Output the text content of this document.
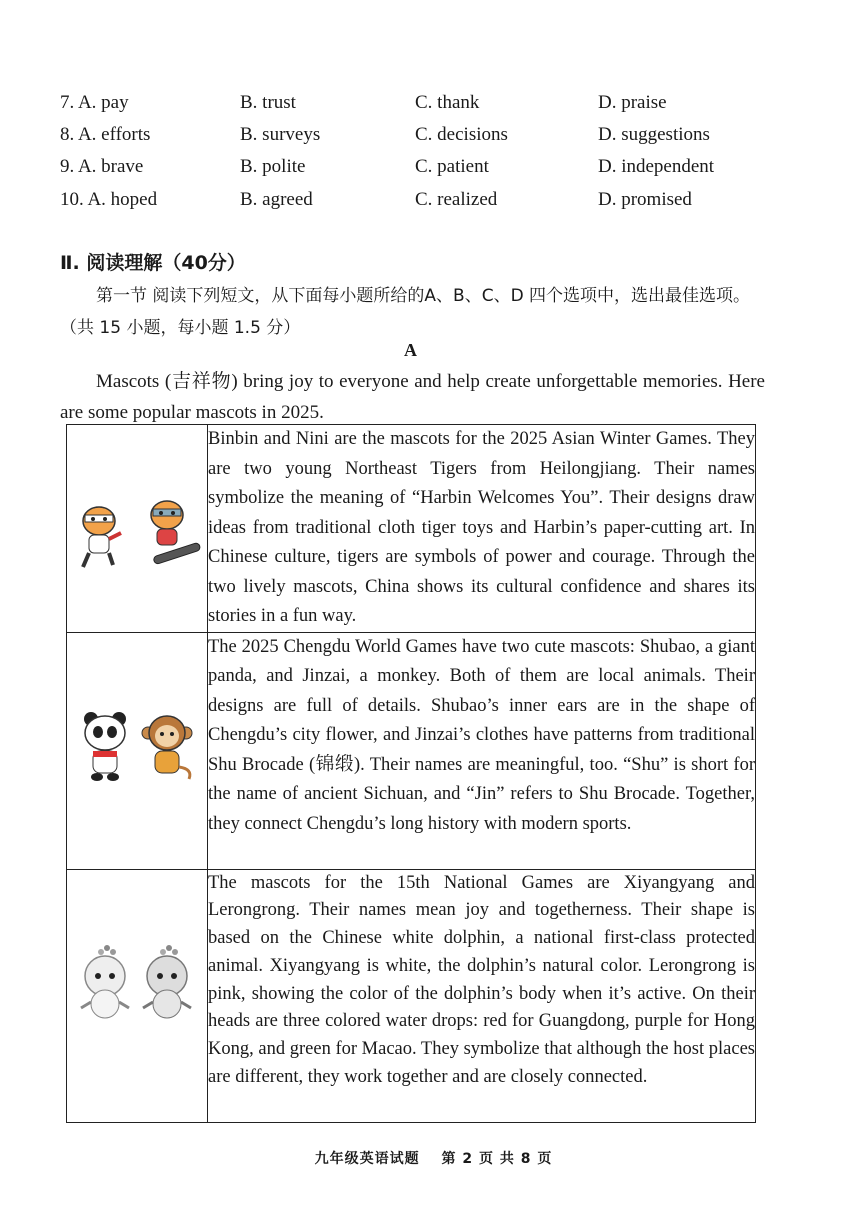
7. A. pay	B. trust	C. thank	D. praise
8. A. efforts	B. surveys	C. decisions	D. suggestions
9. A. brave	B. polite	C. patient	D. independent
10. A. hoped	B. agreed	C. realized	D. promised
Ⅱ. 阅读理解（40分）
第一节 阅读下列短文，从下面每小题所给的A、B、C、D 四个选项中，选出最佳选项。（共 15 小题，每小题 1.5 分）
A
Mascots (吉祥物) bring joy to everyone and help create unforgettable memories. Here are some popular mascots in 2025.
	Binbin and Nini are the mascots for the 2025 Asian Winter Games. They are two young Northeast Tigers from Heilongjiang. Their names symbolize the meaning of “Harbin Welcomes You”. Their designs draw ideas from traditional cloth tiger toys and Harbin’s paper-cutting art. In Chinese culture, tigers are symbols of power and courage. Through the two lively mascots, China shows its cultural confidence and shares its stories in a fun way.

	The 2025 Chengdu World Games have two cute mascots: Shubao, a giant panda, and Jinzai, a monkey. Both of them are local animals. Their designs are full of details. Shubao’s inner ears are in the shape of Chengdu’s city flower, and Jinzai’s clothes have patterns from traditional Shu Brocade (锦缎). Their names are meaningful, too. “Shu” is short for the name of ancient Sichuan, and “Jin” refers to Shu Brocade. Together, they connect Chengdu’s long history with modern sports.

	The mascots for the 15th National Games are Xiyangyang and Lerongrong. Their names mean joy and togetherness. Their shape is based on the Chinese white dolphin, a national first-class protected animal. Xiyangyang is white, the dolphin’s natural color. Lerongrong is pink, showing the color of the dolphin’s body when it’s active. On their heads are three colored water drops: red for Guangdong, purple for Hong Kong, and green for Macao. They symbolize that although the host places are different, they work together and are closely connected.
九年级英语试题 第 2 页 共 8 页
